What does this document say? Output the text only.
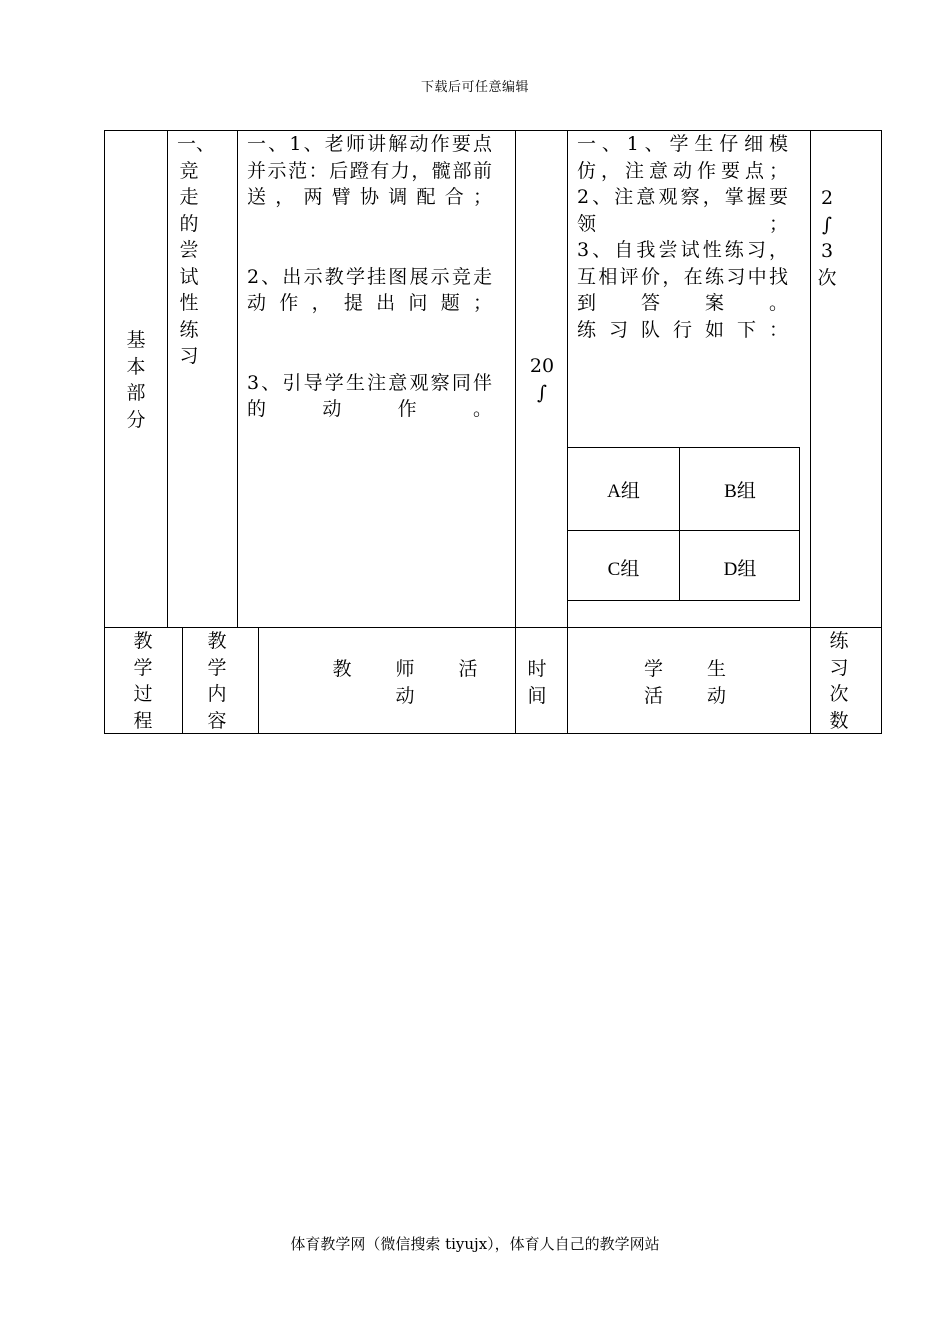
下载后可任意编辑
基本部分
一、竞走的尝试性练习

一、1、老师讲解动作要点并示范：后蹬有力，髋部前送，两臂协调配合；

2、出示教学挂图展示竞走动作，提出问题；

3、引导学生注意观察同伴的动作。

20
∫

一、1、学生仔细模仿，注意动作要点；

2、注意观察，掌握要领；

3、自我尝试性练习，互相评价，在练习中找到答案。

练习队行如下：

2
∫
3
次
A组	B组
C组	D组
教学过程
教学内容
教 师 活 动
时间
学 生 活 动
练习次数
体育教学网（微信搜索 tiyujx），体育人自己的教学网站
